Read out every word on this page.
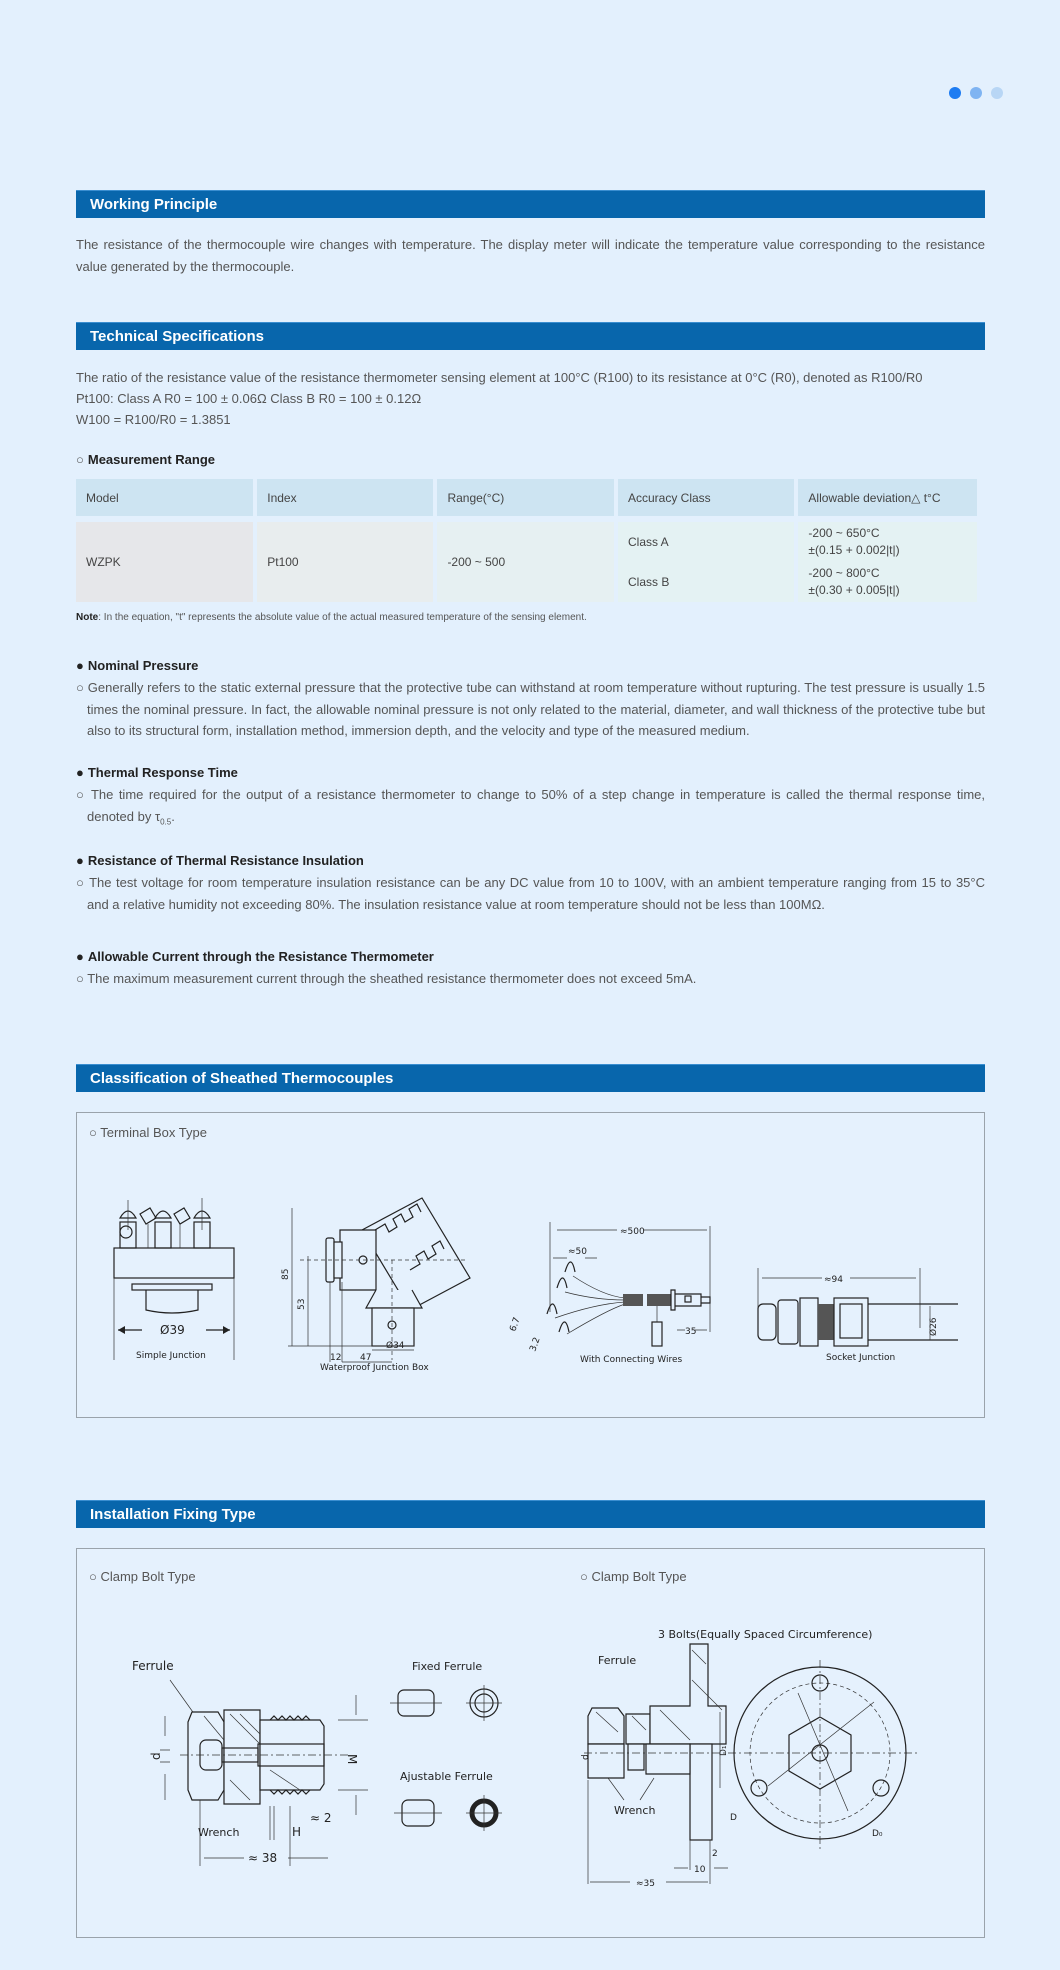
Working Principle

The resistance of the thermocouple wire changes with temperature. The display meter will indicate the temperature value corresponding to the resistance value generated by the thermocouple.

Technical Specifications

The ratio of the resistance value of the resistance thermometer sensing element at 100°C (R100) to its resistance at 0°C (R0), denoted as R100/R0

Pt100: Class A R0 = 100 ± 0.06Ω Class B R0 = 100 ± 0.12Ω

W100 = R100/R0 = 1.3851

○ Measurement Range
Model	Index	Range(°C)	Accuracy Class	Allowable deviation△ t°C

WZPK	Pt100	-200 ~ 500	Class A	-200 ~ 650°C
±(0.15 + 0.002|t|)

			Class B	-200 ~ 800°C
±(0.30 + 0.005|t|)
Note: In the equation, "t" represents the absolute value of the actual measured temperature of the sensing element.
● Nominal Pressure

○ Generally refers to the static external pressure that the protective tube can withstand at room temperature without rupturing. The test pressure is usually 1.5 times the nominal pressure. In fact, the allowable nominal pressure is not only related to the material, diameter, and wall thickness of the protective tube but also to its structural form, installation method, immersion depth, and the velocity and type of the measured medium.

● Thermal Response Time

○ The time required for the output of a resistance thermometer to change to 50% of a step change in temperature is called the thermal response time, denoted by $\tau_{0.5}$.

● Resistance of Thermal Resistance Insulation

○ The test voltage for room temperature insulation resistance can be any DC value from 10 to 100V, with an ambient temperature ranging from 15 to 35°C and a relative humidity not exceeding 80%. The insulation resistance value at room temperature should not be less than 100MΩ.

● Allowable Current through the Resistance Thermometer

○ The maximum measurement current through the sheathed resistance thermometer does not exceed 5mA.

Classification of Sheathed Thermocouples
○ Terminal Box Type
Ø39
Simple Junction
85
53
12 47
Ø34
Waterproof Junction Box
≈500
≈50
35
6.7
3.2
With Connecting Wires
≈94
Ø26
Socket Junction
Installation Fixing Type
○ Clamp Bolt Type	○ Clamp Bolt Type
Ferrule
d	M
≈ 2
Wrench	H
≈ 38
Fixed Ferrule
Ajustable Ferrule
3 Bolts(Equally Spaced Circumference)
Ferrule
Wrench
d
D₁
D
D₀
2
10
≈35
